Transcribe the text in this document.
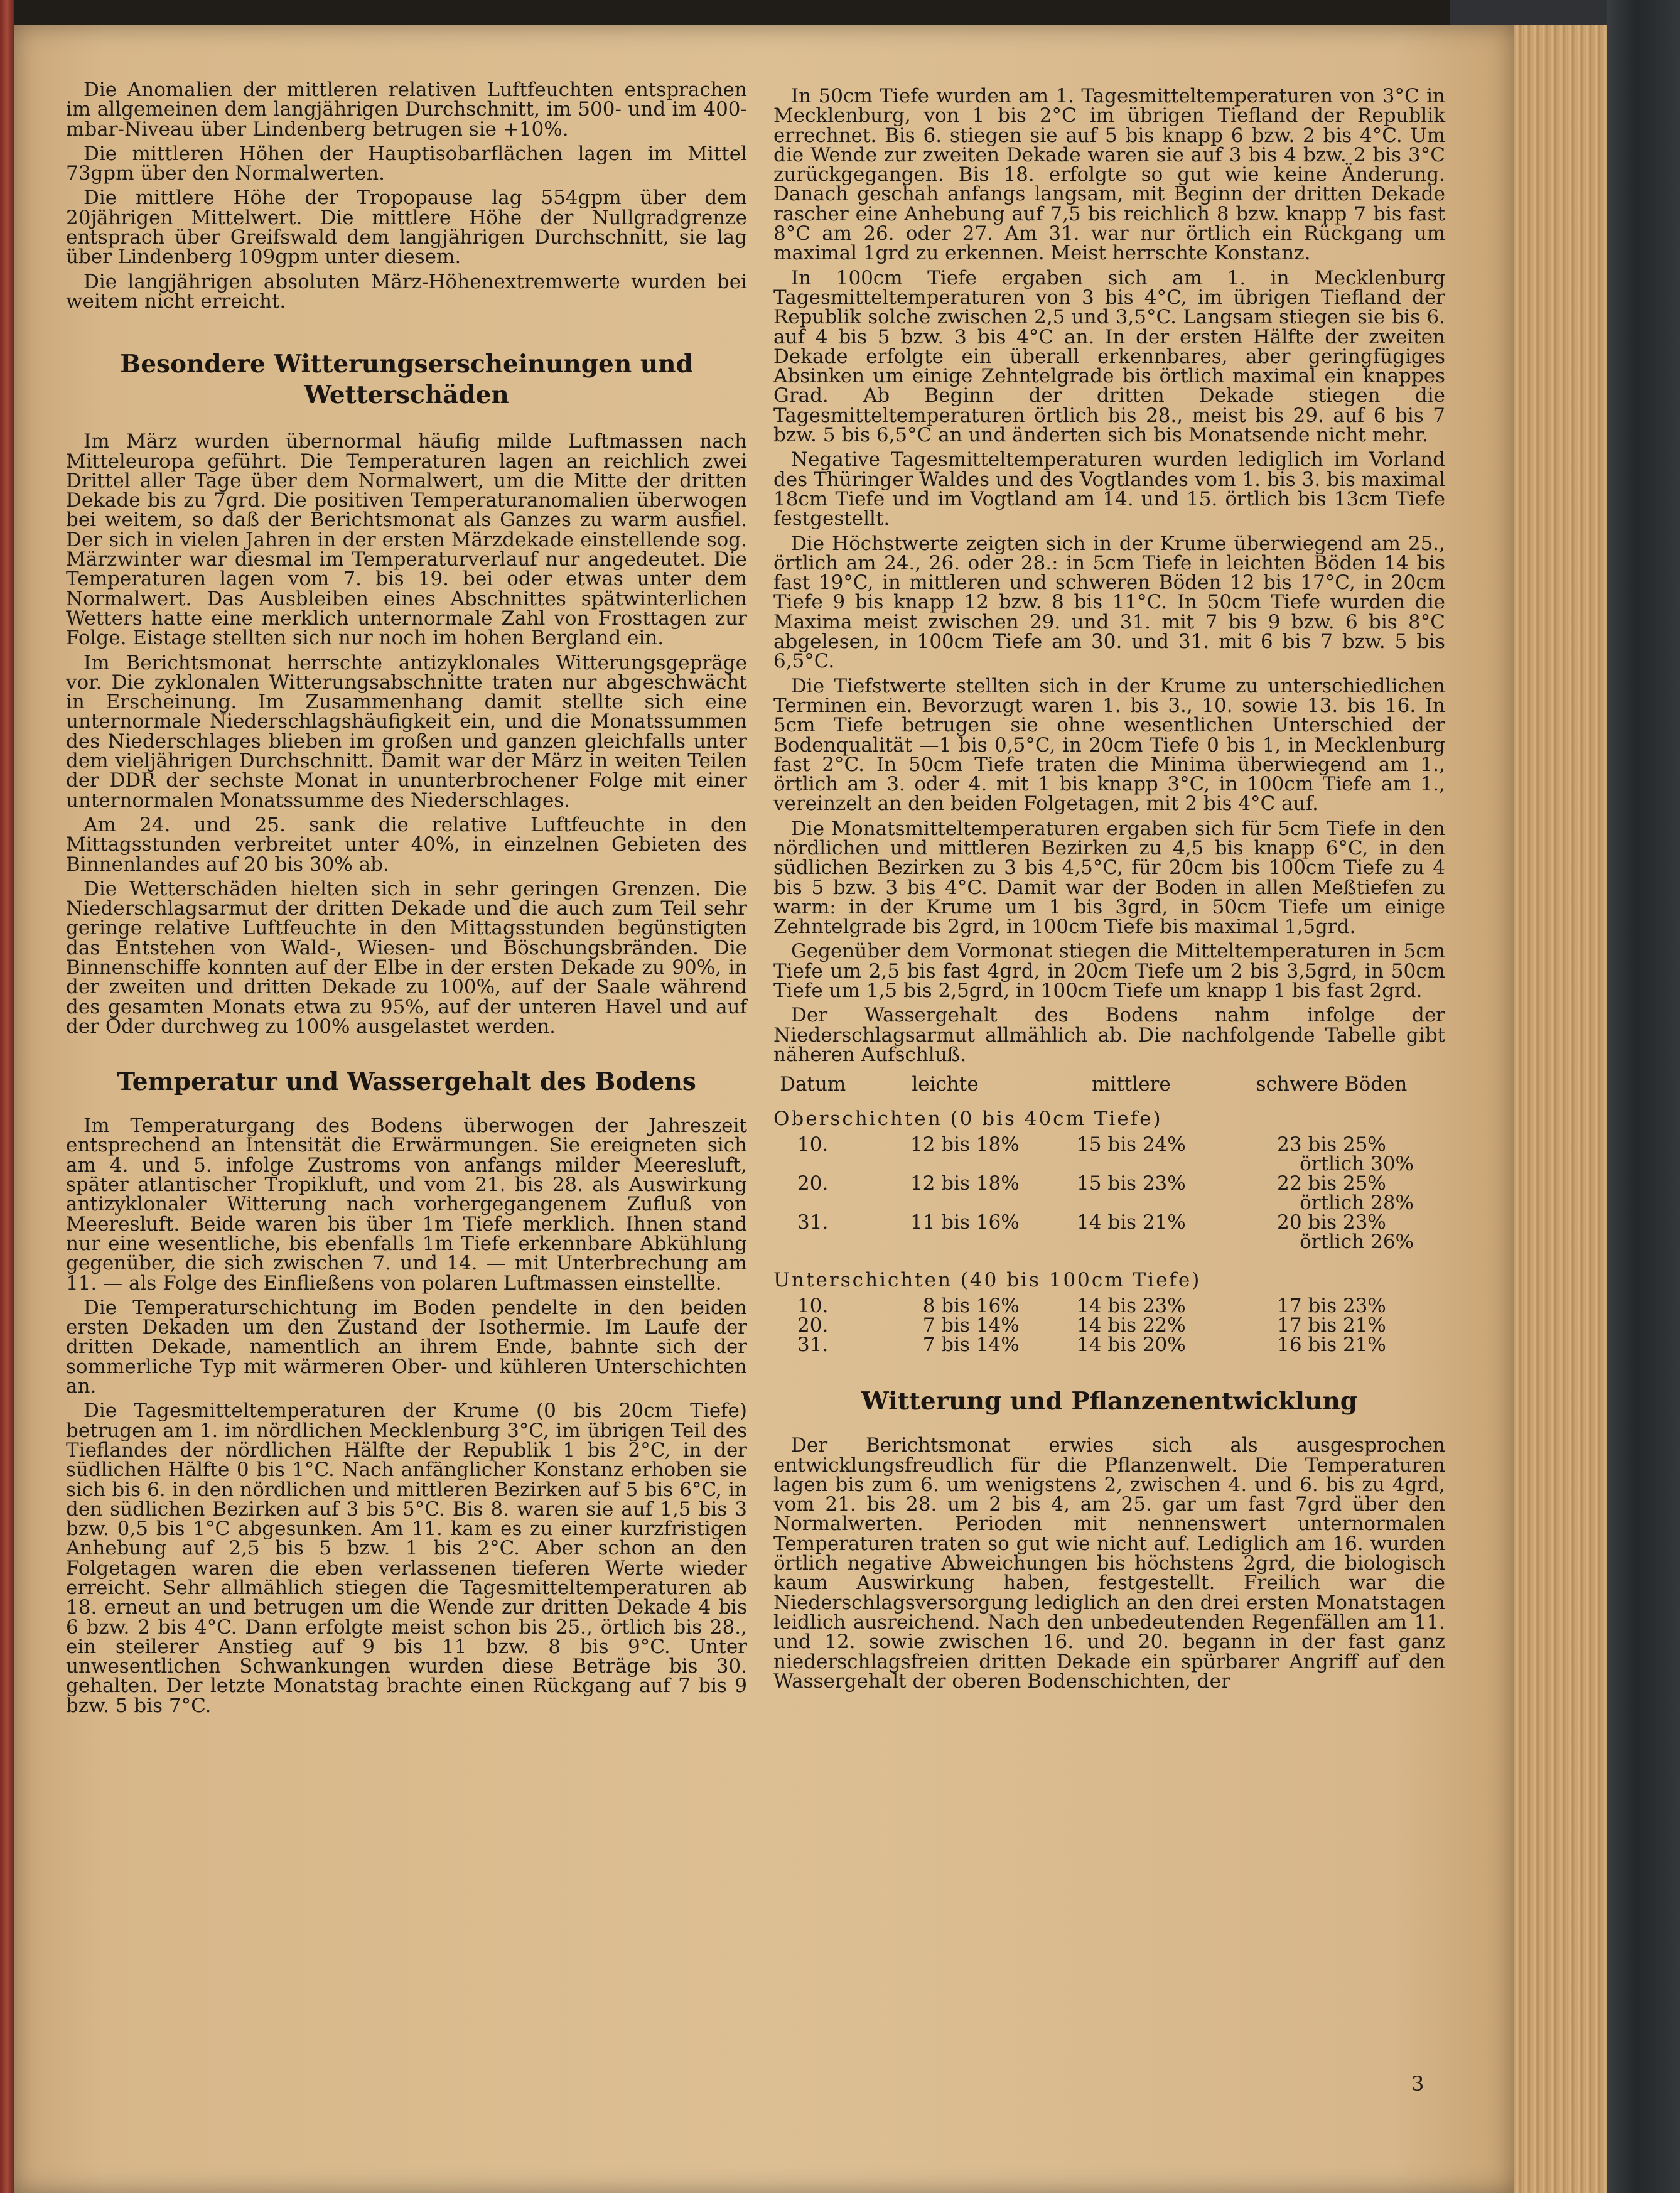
Die Anomalien der mittleren relativen Luftfeuchten entsprachen im allgemeinen dem langjährigen Durchschnitt, im 500- und im 400-mbar-Niveau über Lindenberg betrugen sie +10%.

Die mittleren Höhen der Hauptisobarflächen lagen im Mittel 73gpm über den Normalwerten.

Die mittlere Höhe der Tropopause lag 554gpm über dem 20jährigen Mittelwert. Die mittlere Höhe der Nullgradgrenze entsprach über Greifswald dem langjährigen Durchschnitt, sie lag über Lindenberg 109gpm unter diesem.

Die langjährigen absoluten März-Höhenextremwerte wurden bei weitem nicht erreicht.

Besondere Witterungserscheinungen und Wetterschäden

Im März wurden übernormal häufig milde Luftmassen nach Mitteleuropa geführt. Die Temperaturen lagen an reichlich zwei Drittel aller Tage über dem Normalwert, um die Mitte der dritten Dekade bis zu 7grd. Die positiven Temperaturanomalien überwogen bei weitem, so daß der Berichtsmonat als Ganzes zu warm ausfiel. Der sich in vielen Jahren in der ersten Märzdekade einstellende sog. Märzwinter war diesmal im Temperaturverlauf nur angedeutet. Die Temperaturen lagen vom 7. bis 19. bei oder etwas unter dem Normalwert. Das Ausbleiben eines Abschnittes spätwinterlichen Wetters hatte eine merklich unternormale Zahl von Frosttagen zur Folge. Eistage stellten sich nur noch im hohen Bergland ein.

Im Berichtsmonat herrschte antizyklonales Witterungsgepräge vor. Die zyklonalen Witterungsabschnitte traten nur abgeschwächt in Erscheinung. Im Zusammenhang damit stellte sich eine unternormale Niederschlagshäufigkeit ein, und die Monatssummen des Niederschlages blieben im großen und ganzen gleichfalls unter dem vieljährigen Durchschnitt. Damit war der März in weiten Teilen der DDR der sechste Monat in ununterbrochener Folge mit einer unternormalen Monatssumme des Niederschlages.

Am 24. und 25. sank die relative Luftfeuchte in den Mittagsstunden verbreitet unter 40%, in einzelnen Gebieten des Binnenlandes auf 20 bis 30% ab.

Die Wetterschäden hielten sich in sehr geringen Grenzen. Die Niederschlagsarmut der dritten Dekade und die auch zum Teil sehr geringe relative Luftfeuchte in den Mittagsstunden begünstigten das Entstehen von Wald-, Wiesen- und Böschungsbränden. Die Binnenschiffe konnten auf der Elbe in der ersten Dekade zu 90%, in der zweiten und dritten Dekade zu 100%, auf der Saale während des gesamten Monats etwa zu 95%, auf der unteren Havel und auf der Oder durchweg zu 100% ausgelastet werden.

Temperatur und Wassergehalt des Bodens

Im Temperaturgang des Bodens überwogen der Jahreszeit entsprechend an Intensität die Erwärmungen. Sie ereigneten sich am 4. und 5. infolge Zustroms von anfangs milder Meeresluft, später atlantischer Tropikluft, und vom 21. bis 28. als Auswirkung antizyklonaler Witterung nach vorhergegangenem Zufluß von Meeresluft. Beide waren bis über 1m Tiefe merklich. Ihnen stand nur eine wesentliche, bis ebenfalls 1m Tiefe erkennbare Abkühlung gegenüber, die sich zwischen 7. und 14. — mit Unterbrechung am 11. — als Folge des Einfließens von polaren Luftmassen einstellte.

Die Temperaturschichtung im Boden pendelte in den beiden ersten Dekaden um den Zustand der Isothermie. Im Laufe der dritten Dekade, namentlich an ihrem Ende, bahnte sich der sommerliche Typ mit wärmeren Ober- und kühleren Unterschichten an.

Die Tagesmitteltemperaturen der Krume (0 bis 20cm Tiefe) betrugen am 1. im nördlichen Mecklenburg 3°C, im übrigen Teil des Tieflandes der nördlichen Hälfte der Republik 1 bis 2°C, in der südlichen Hälfte 0 bis 1°C. Nach anfänglicher Konstanz erhoben sie sich bis 6. in den nördlichen und mittleren Bezirken auf 5 bis 6°C, in den südlichen Bezirken auf 3 bis 5°C. Bis 8. waren sie auf 1,5 bis 3 bzw. 0,5 bis 1°C abgesunken. Am 11. kam es zu einer kurzfristigen Anhebung auf 2,5 bis 5 bzw. 1 bis 2°C. Aber schon an den Folgetagen waren die eben verlassenen tieferen Werte wieder erreicht. Sehr allmählich stiegen die Tagesmitteltemperaturen ab 18. erneut an und betrugen um die Wende zur dritten Dekade 4 bis 6 bzw. 2 bis 4°C. Dann erfolgte meist schon bis 25., örtlich bis 28., ein steilerer Anstieg auf 9 bis 11 bzw. 8 bis 9°C. Unter unwesentlichen Schwankungen wurden diese Beträge bis 30. gehalten. Der letzte Monatstag brachte einen Rückgang auf 7 bis 9 bzw. 5 bis 7°C.

In 50cm Tiefe wurden am 1. Tagesmitteltemperaturen von 3°C in Mecklenburg, von 1 bis 2°C im übrigen Tiefland der Republik errechnet. Bis 6. stiegen sie auf 5 bis knapp 6 bzw. 2 bis 4°C. Um die Wende zur zweiten Dekade waren sie auf 3 bis 4 bzw. 2 bis 3°C zurückgegangen. Bis 18. erfolgte so gut wie keine Änderung. Danach geschah anfangs langsam, mit Beginn der dritten Dekade rascher eine Anhebung auf 7,5 bis reichlich 8 bzw. knapp 7 bis fast 8°C am 26. oder 27. Am 31. war nur örtlich ein Rückgang um maximal 1grd zu erkennen. Meist herrschte Konstanz.

In 100cm Tiefe ergaben sich am 1. in Mecklenburg Tagesmitteltemperaturen von 3 bis 4°C, im übrigen Tiefland der Republik solche zwischen 2,5 und 3,5°C. Langsam stiegen sie bis 6. auf 4 bis 5 bzw. 3 bis 4°C an. In der ersten Hälfte der zweiten Dekade erfolgte ein überall erkennbares, aber geringfügiges Absinken um einige Zehntelgrade bis örtlich maximal ein knappes Grad. Ab Beginn der dritten Dekade stiegen die Tagesmitteltemperaturen örtlich bis 28., meist bis 29. auf 6 bis 7 bzw. 5 bis 6,5°C an und änderten sich bis Monatsende nicht mehr.

Negative Tagesmitteltemperaturen wurden lediglich im Vorland des Thüringer Waldes und des Vogtlandes vom 1. bis 3. bis maximal 18cm Tiefe und im Vogtland am 14. und 15. örtlich bis 13cm Tiefe festgestellt.

Die Höchstwerte zeigten sich in der Krume überwiegend am 25., örtlich am 24., 26. oder 28.: in 5cm Tiefe in leichten Böden 14 bis fast 19°C, in mittleren und schweren Böden 12 bis 17°C, in 20cm Tiefe 9 bis knapp 12 bzw. 8 bis 11°C. In 50cm Tiefe wurden die Maxima meist zwischen 29. und 31. mit 7 bis 9 bzw. 6 bis 8°C abgelesen, in 100cm Tiefe am 30. und 31. mit 6 bis 7 bzw. 5 bis 6,5°C.

Die Tiefstwerte stellten sich in der Krume zu unterschiedlichen Terminen ein. Bevorzugt waren 1. bis 3., 10. sowie 13. bis 16. In 5cm Tiefe betrugen sie ohne wesentlichen Unterschied der Bodenqualität —1 bis 0,5°C, in 20cm Tiefe 0 bis 1, in Mecklenburg fast 2°C. In 50cm Tiefe traten die Minima überwiegend am 1., örtlich am 3. oder 4. mit 1 bis knapp 3°C, in 100cm Tiefe am 1., vereinzelt an den beiden Folgetagen, mit 2 bis 4°C auf.

Die Monatsmitteltemperaturen ergaben sich für 5cm Tiefe in den nördlichen und mittleren Bezirken zu 4,5 bis knapp 6°C, in den südlichen Bezirken zu 3 bis 4,5°C, für 20cm bis 100cm Tiefe zu 4 bis 5 bzw. 3 bis 4°C. Damit war der Boden in allen Meßtiefen zu warm: in der Krume um 1 bis 3grd, in 50cm Tiefe um einige Zehntelgrade bis 2grd, in 100cm Tiefe bis maximal 1,5grd.

Gegenüber dem Vormonat stiegen die Mitteltemperaturen in 5cm Tiefe um 2,5 bis fast 4grd, in 20cm Tiefe um 2 bis 3,5grd, in 50cm Tiefe um 1,5 bis 2,5grd, in 100cm Tiefe um knapp 1 bis fast 2grd.

Der Wassergehalt des Bodens nahm infolge der Niederschlagsarmut allmählich ab. Die nachfolgende Tabelle gibt näheren Aufschluß.

Datum	leichte	mittlere	schwere Böden
Oberschichten (0 bis 40cm Tiefe)			
10.	12 bis 18%	15 bis 24%	23 bis 25%
örtlich 30%

20.	12 bis 18%	15 bis 23%	22 bis 25%
örtlich 28%

31.	11 bis 16%	14 bis 21%	20 bis 23%
örtlich 26%

Unterschichten (40 bis 100cm Tiefe)			
10.	8 bis 16%	14 bis 23%	17 bis 23%
20.	7 bis 14%	14 bis 22%	17 bis 21%
31.	7 bis 14%	14 bis 20%	16 bis 21%
Witterung und Pflanzenentwicklung

Der Berichtsmonat erwies sich als ausgesprochen entwicklungsfreudlich für die Pflanzenwelt. Die Temperaturen lagen bis zum 6. um wenigstens 2, zwischen 4. und 6. bis zu 4grd, vom 21. bis 28. um 2 bis 4, am 25. gar um fast 7grd über den Normalwerten. Perioden mit nennenswert unternormalen Temperaturen traten so gut wie nicht auf. Lediglich am 16. wurden örtlich negative Abweichungen bis höchstens 2grd, die biologisch kaum Auswirkung haben, festgestellt. Freilich war die Niederschlagsversorgung lediglich an den drei ersten Monatstagen leidlich ausreichend. Nach den unbedeutenden Regenfällen am 11. und 12. sowie zwischen 16. und 20. begann in der fast ganz niederschlagsfreien dritten Dekade ein spürbarer Angriff auf den Wassergehalt der oberen Bodenschichten, der

3
